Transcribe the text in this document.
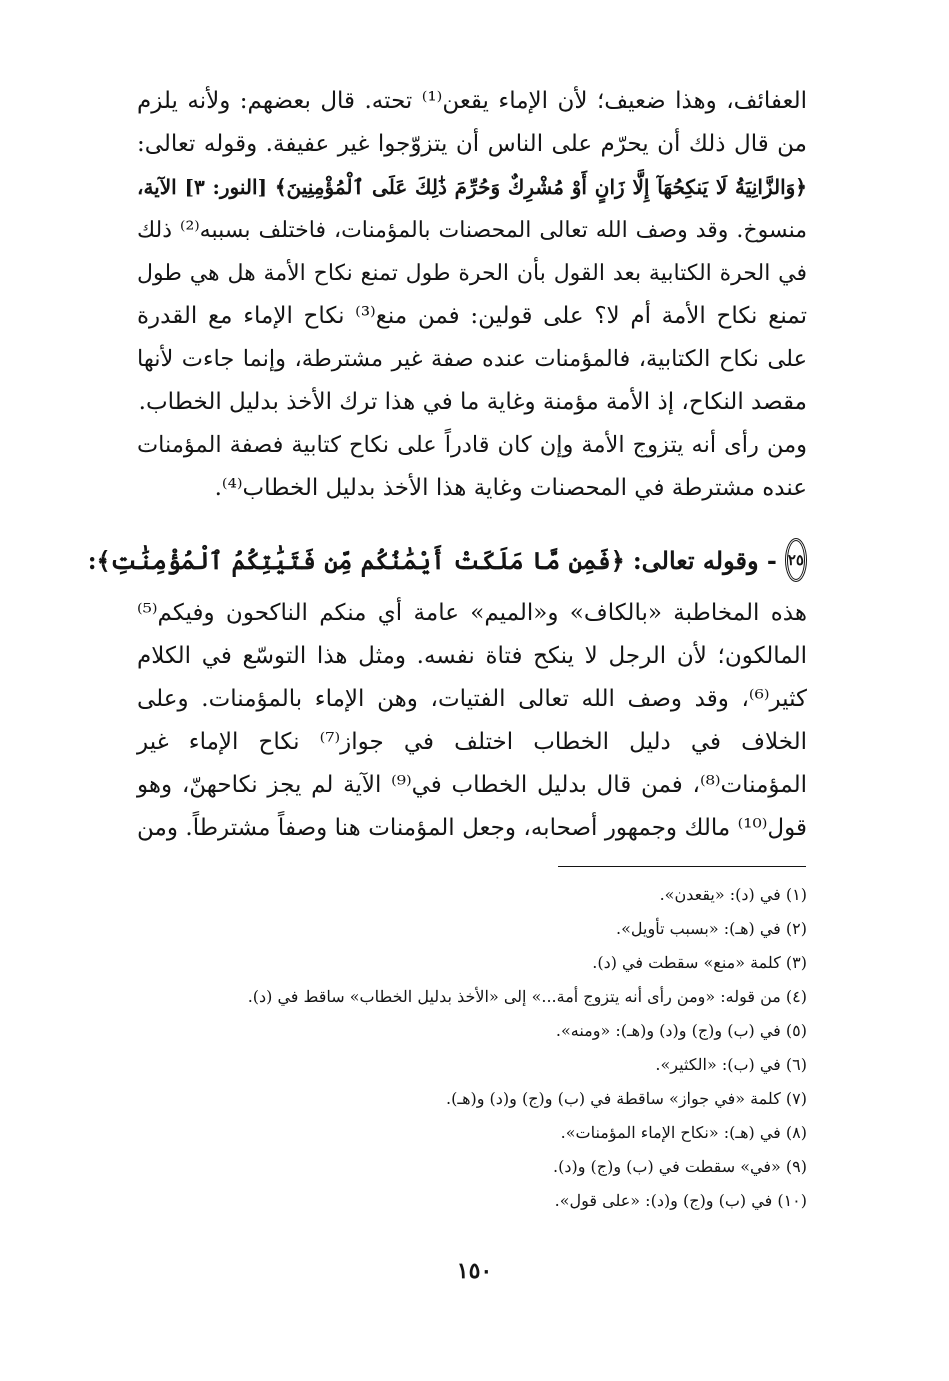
العفائف، وهذا ضعيف؛ لأن الإماء يقعن⁽¹⁾ تحته. قال بعضهم: ولأنه يلزم
من قال ذلك أن يحرّم على الناس أن يتزوّجوا غير عفيفة. وقوله تعالى:
﴿وَالزَّانِيَةُ لَا يَنكِحُهَآ إِلَّا زَانٍ أَوْ مُشْرِكٌ وَحُرِّمَ ذَٰلِكَ عَلَى ٱلْمُؤْمِنِينَ﴾ [النور: ٣] الآية،
منسوخ. وقد وصف الله تعالى المحصنات بالمؤمنات، فاختلف بسببه⁽²⁾ ذلك
في الحرة الكتابية بعد القول بأن الحرة طول تمنع نكاح الأمة هل هي طول
تمنع نكاح الأمة أم لا؟ على قولين: فمن منع⁽³⁾ نكاح الإماء مع القدرة
على نكاح الكتابية، فالمؤمنات عنده صفة غير مشترطة، وإنما جاءت لأنها
مقصد النكاح، إذ الأمة مؤمنة وغاية ما في هذا ترك الأخذ بدليل الخطاب.
ومن رأى أنه يتزوج الأمة وإن كان قادراً على نكاح كتابية فصفة المؤمنات
عنده مشترطة في المحصنات وغاية هذا الأخذ بدليل الخطاب⁽⁴⁾.
٢٥
- وقوله تعالى:
﴿فَمِن مَّا مَلَكَتْ أَيْمَٰنُكُم مِّن فَتَيَٰتِكُمُ ٱلْمُؤْمِنَٰتِ﴾:
هذه المخاطبة «بالكاف» و«الميم» عامة أي منكم الناكحون وفيكم⁽⁵⁾
المالكون؛ لأن الرجل لا ينكح فتاة نفسه. ومثل هذا التوسّع في الكلام
كثير⁽⁶⁾، وقد وصف الله تعالى الفتيات، وهن الإماء بالمؤمنات. وعلى
الخلاف في دليل الخطاب اختلف في جواز⁽⁷⁾ نكاح الإماء غير
المؤمنات⁽⁸⁾، فمن قال بدليل الخطاب في⁽⁹⁾ الآية لم يجز نكاحهنّ، وهو
قول⁽¹⁰⁾ مالك وجمهور أصحابه، وجعل المؤمنات هنا وصفاً مشترطاً. ومن
(١) في (د): «يقعدن».
(٢) في (هـ): «بسبب تأويل».
(٣) كلمة «منع» سقطت في (د).
(٤) من قوله: «ومن رأى أنه يتزوج أمة...» إلى «الأخذ بدليل الخطاب» ساقط في (د).
(٥) في (ب) و(ج) و(د) و(هـ): «ومنه».
(٦) في (ب): «الكثير».
(٧) كلمة «في جواز» ساقطة في (ب) و(ج) و(د) و(هـ).
(٨) في (هـ): «نكاح الإماء المؤمنات».
(٩) «في» سقطت في (ب) و(ج) و(د).
(١٠) في (ب) و(ج) و(د): «على قول».
١٥٠
